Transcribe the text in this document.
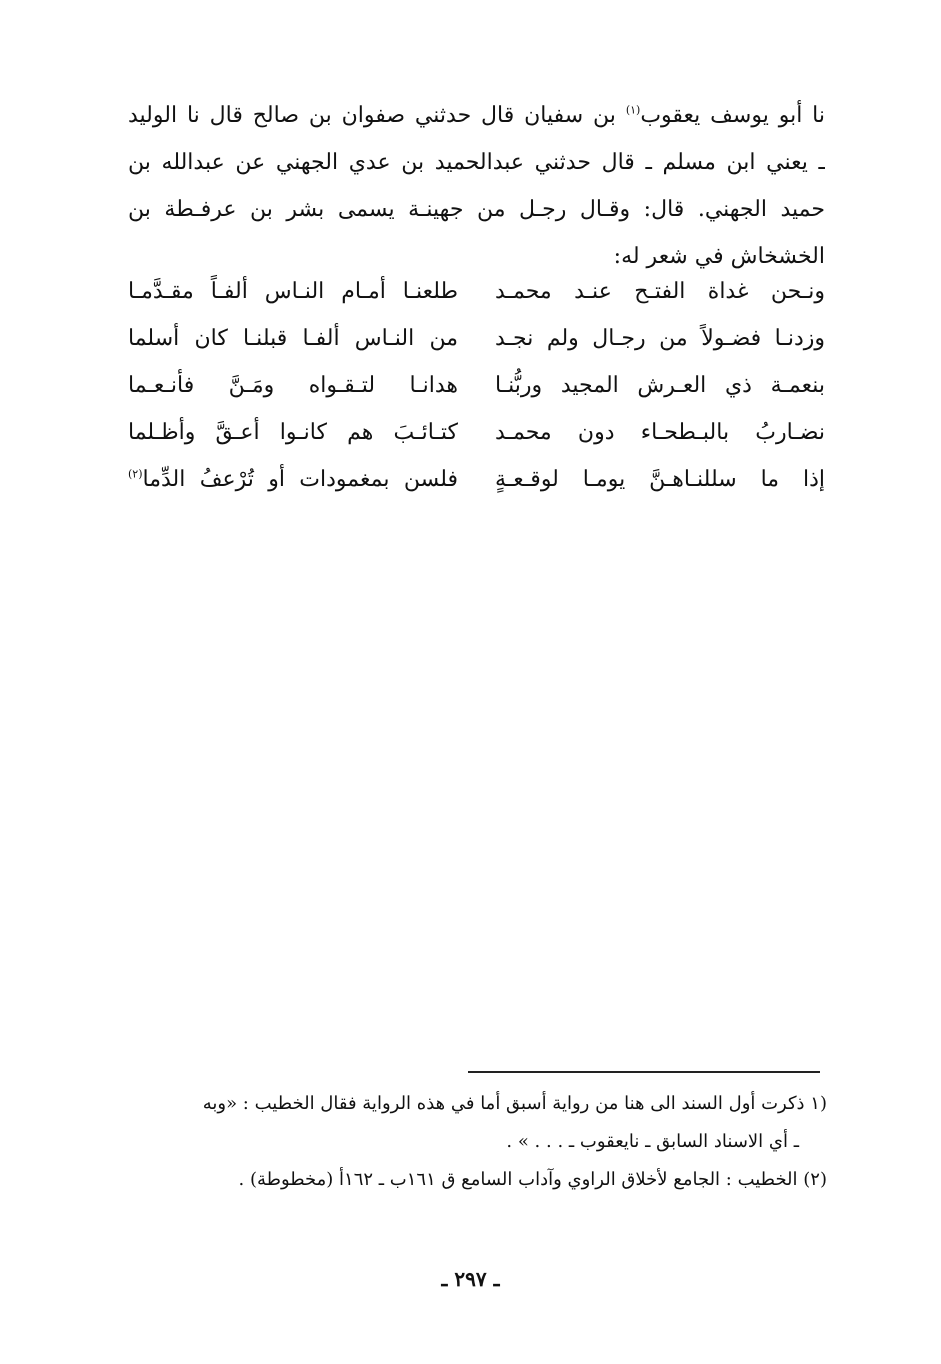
نا أبو يوسف يعقوب$^{(١)}$ بن سفيان قال حدثني صفوان بن صالح قال نا الوليد
ـ يعني ابن مسلم ـ قال حدثني عبدالحميد بن عدي الجهني عن عبدالله بن
حميد الجهني. قال: وقـال رجـل من جهينـة يسمى بشر بن عرفـطة بن
الخشخاش في شعر له:
ونـحن غداة الفتـح عنـد محمـد
طلعنـا أمـام النـاس ألفـاً مقـدَّمـا
وزدنـا فضـولاً من رجـال ولم نجـد
من النـاس ألفـا قبلنـا كان أسلما
بنعمـة ذي العـرش المجيد وربُّنـا
هدانـا لتـقـواه ومَـنَّ فأنـعـما
نضـاربُ بالبـطحـاء دون محمـد
كتـائـبَ هم كانـوا أعـقَّ وأظـلما
إذا ما سللنـاهـنَّ يومـا لوقـعـةٍ
فلسن بمغمودات أو تُرْعفُ الدِّما$^{(٢)}$
(١ ذكرت أول السند الى هنا من رواية أسبق أما في هذه الرواية فقال الخطيب : «وبه
ـ أي الاسناد السابق ـ نايعقوب ـ . . . » .
(٢) الخطيب : الجامع لأخلاق الراوي وآداب السامع ق ١٦١ب ـ ١٦٢أ (مخطوطة) .
ـ ٢٩٧ ـ
